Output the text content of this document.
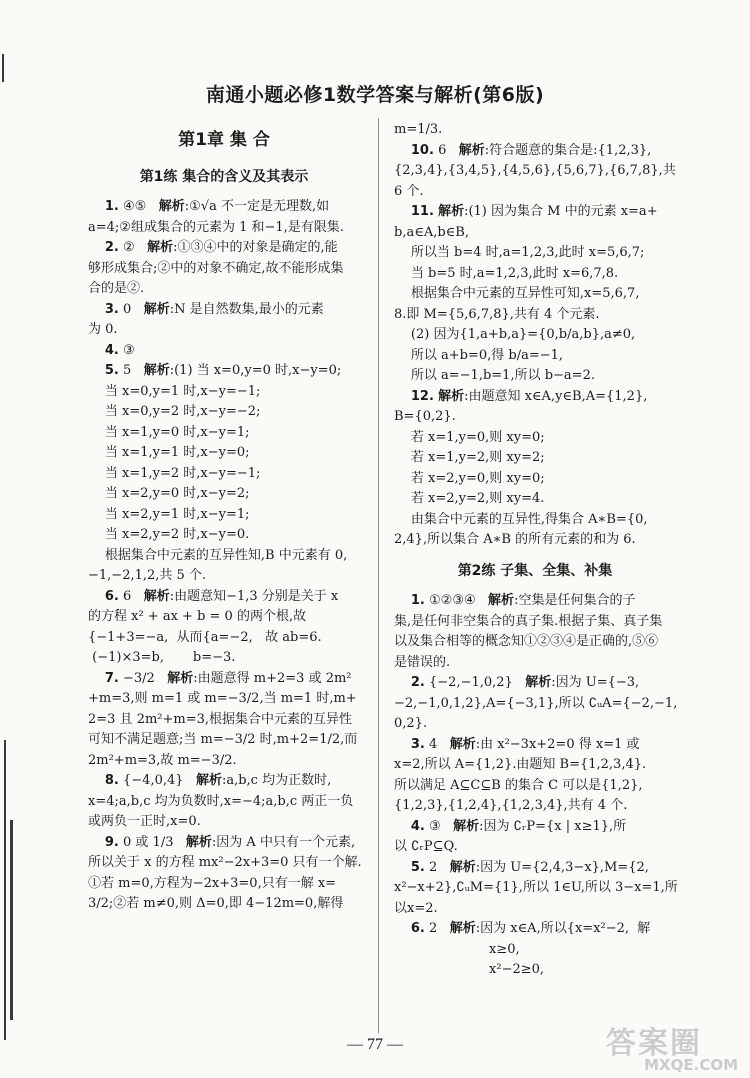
南通小题必修1数学答案与解析(第6版)
第1章 集 合
第1练 集合的含义及其表示
1. ④⑤ 解析:①√a 不一定是无理数,如
a=4;②组成集合的元素为 1 和−1,是有限集.
2. ② 解析:①③④中的对象是确定的,能
够形成集合;②中的对象不确定,故不能形成集
合的是②.
3. 0 解析:N 是自然数集,最小的元素
为 0.
4. ③
5. 5 解析:(1) 当 x=0,y=0 时,x−y=0;
当 x=0,y=1 时,x−y=−1;
当 x=0,y=2 时,x−y=−2;
当 x=1,y=0 时,x−y=1;
当 x=1,y=1 时,x−y=0;
当 x=1,y=2 时,x−y=−1;
当 x=2,y=0 时,x−y=2;
当 x=2,y=1 时,x−y=1;
当 x=2,y=2 时,x−y=0.
根据集合中元素的互异性知,B 中元素有 0,
−1,−2,1,2,共 5 个.
6. 6 解析:由题意知−1,3 分别是关于 x
的方程 x² + ax + b = 0 的两个根,故
{−1+3=−a,  从而{a=−2,   故 ab=6.
(−1)×3=b,       b=−3.
7. −3/2 解析:由题意得 m+2=3 或 2m²
+m=3,则 m=1 或 m=−3/2,当 m=1 时,m+
2=3 且 2m²+m=3,根据集合中元素的互异性
可知不满足题意;当 m=−3/2 时,m+2=1/2,而
2m²+m=3,故 m=−3/2.
8. {−4,0,4} 解析:a,b,c 均为正数时,
x=4;a,b,c 均为负数时,x=−4;a,b,c 两正一负
或两负一正时,x=0.
9. 0 或 1/3 解析:因为 A 中只有一个元素,
所以关于 x 的方程 mx²−2x+3=0 只有一个解.
①若 m=0,方程为−2x+3=0,只有一解 x=
3/2;②若 m≠0,则 Δ=0,即 4−12m=0,解得
m=1/3.
10. 6 解析:符合题意的集合是:{1,2,3},
{2,3,4},{3,4,5},{4,5,6},{5,6,7},{6,7,8},共
6 个.
11. 解析:(1) 因为集合 M 中的元素 x=a+
b,a∈A,b∈B,
所以当 b=4 时,a=1,2,3,此时 x=5,6,7;
当 b=5 时,a=1,2,3,此时 x=6,7,8.
根据集合中元素的互异性可知,x=5,6,7,
8.即 M={5,6,7,8},共有 4 个元素.
(2) 因为{1,a+b,a}={0,b/a,b},a≠0,
所以 a+b=0,得 b/a=−1,
所以 a=−1,b=1,所以 b−a=2.
12. 解析:由题意知 x∈A,y∈B,A={1,2},
B={0,2}.
若 x=1,y=0,则 xy=0;
若 x=1,y=2,则 xy=2;
若 x=2,y=0,则 xy=0;
若 x=2,y=2,则 xy=4.
由集合中元素的互异性,得集合 A∗B={0,
2,4},所以集合 A∗B 的所有元素的和为 6.
第2练 子集、全集、补集
1. ①②③④ 解析:空集是任何集合的子
集,是任何非空集合的真子集.根据子集、真子集
以及集合相等的概念知①②③④是正确的,⑤⑥
是错误的.
2. {−2,−1,0,2} 解析:因为 U={−3,
−2,−1,0,1,2},A={−3,1},所以 ∁ᵤA={−2,−1,
0,2}.
3. 4 解析:由 x²−3x+2=0 得 x=1 或
x=2,所以 A={1,2}.由题知 B={1,2,3,4}.
所以满足 A⊆C⊆B 的集合 C 可以是{1,2},
{1,2,3},{1,2,4},{1,2,3,4},共有 4 个.
4. ③ 解析:因为 ∁ᵣP={x | x≥1},所
以 ∁ᵣP⊆Q.
5. 2 解析:因为 U={2,4,3−x},M={2,
x²−x+2},∁ᵤM={1},所以 1∈U,所以 3−x=1,所
以x=2.
6. 2 解析:因为 x∈A,所以{x=x²−2,  解
x≥0,
x²−2≥0,
— 77 —	答案圈
MXQE.COM
